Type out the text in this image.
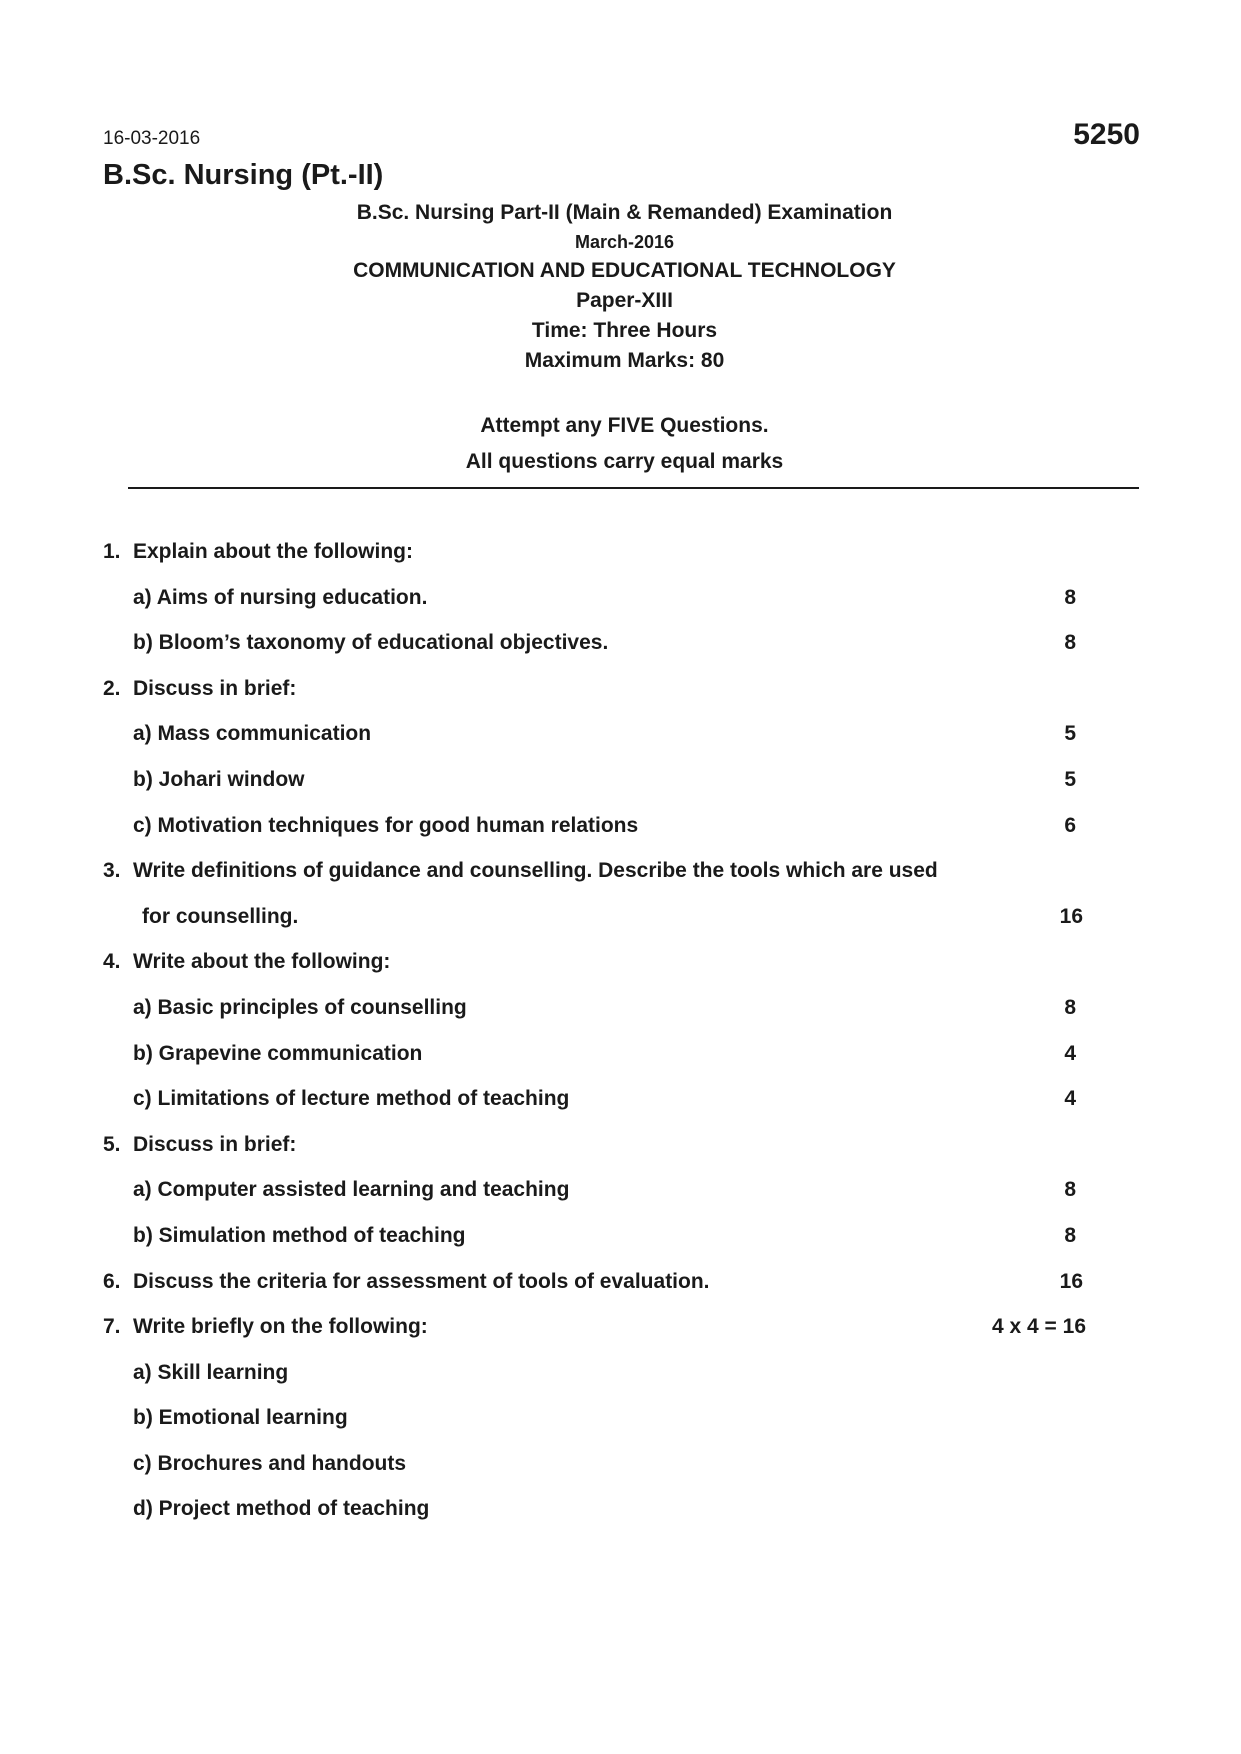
16-03-2016	5250
B.Sc. Nursing (Pt.-II)
B.Sc. Nursing Part-II (Main & Remanded) Examination
March-2016
COMMUNICATION AND EDUCATIONAL TECHNOLOGY
Paper-XIII
Time: Three Hours
Maximum Marks: 80
Attempt any FIVE Questions.
All questions carry equal marks
1. Explain about the following:
a) Aims of nursing education.	8
b) Bloom’s taxonomy of educational objectives.	8
2. Discuss in brief:
a) Mass communication	5
b) Johari window	5
c) Motivation techniques for good human relations	6
3. Write definitions of guidance and counselling. Describe the tools which are used
for counselling.	16
4. Write about the following:
a) Basic principles of counselling	8
b) Grapevine communication	4
c) Limitations of lecture method of teaching	4
5. Discuss in brief:
a) Computer assisted learning and teaching	8
b) Simulation method of teaching	8
6. Discuss the criteria for assessment of tools of evaluation.	16
7. Write briefly on the following:	4 x 4 = 16
a) Skill learning
b) Emotional learning
c) Brochures and handouts
d) Project method of teaching
